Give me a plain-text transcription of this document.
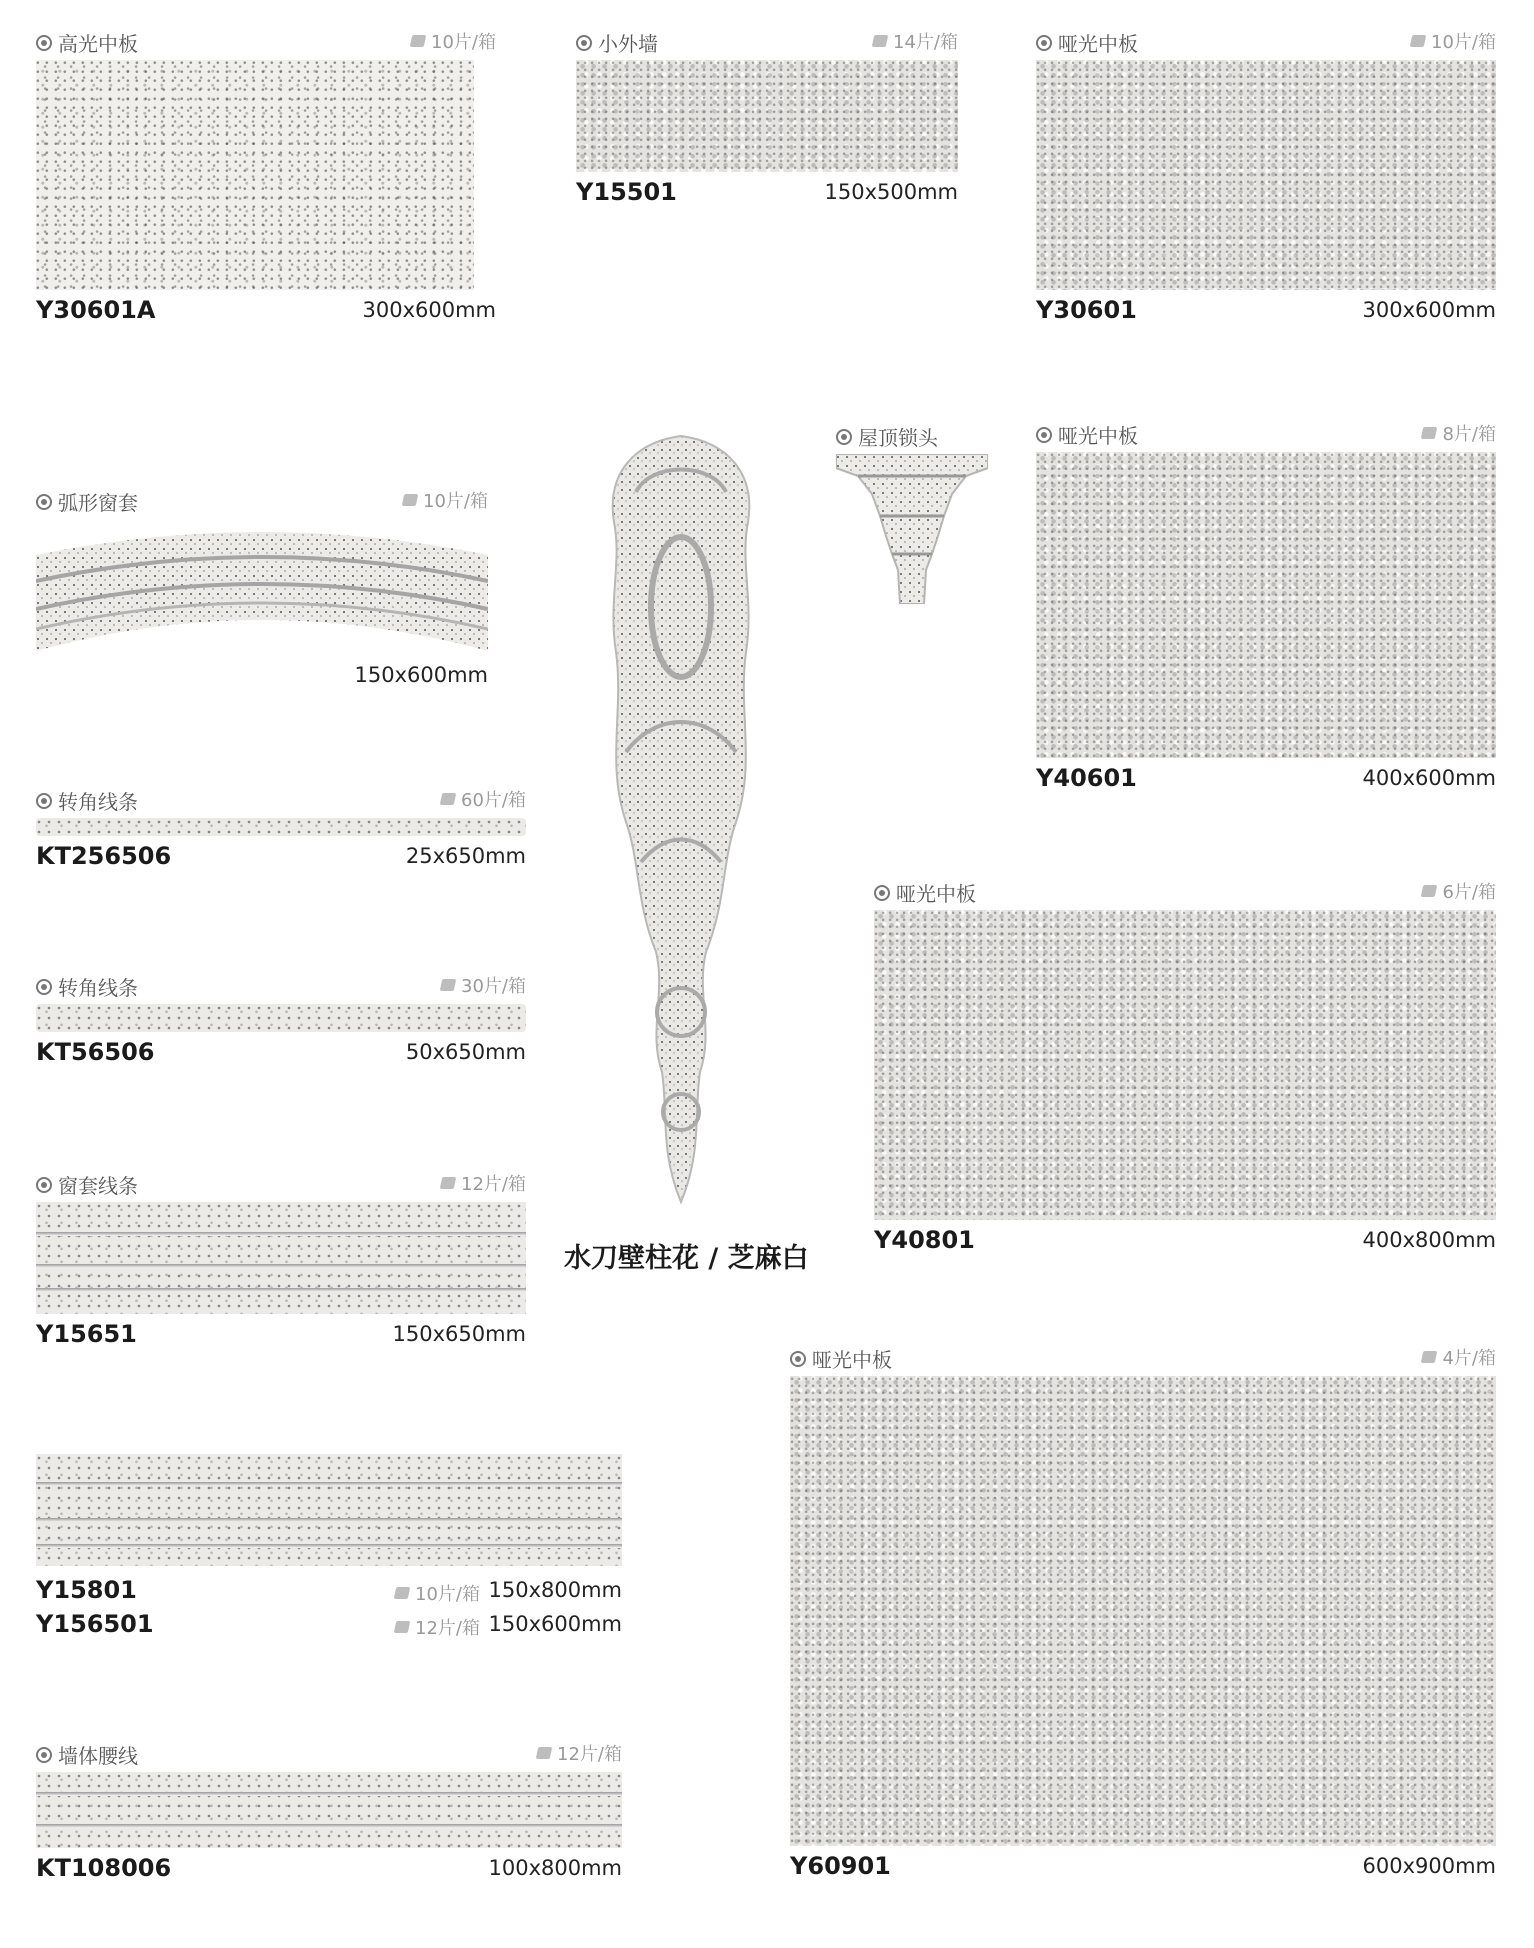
高光中板	10片/箱
Y30601A	300x600mm
小外墙	14片/箱
Y15501	150x500mm
哑光中板	10片/箱
Y30601	300x600mm
弧形窗套	10片/箱
150x600mm
水刀壁柱花 / 芝麻白
屋顶锁头	哑光中板	8片/箱
Y40601	400x600mm
转角线条	60片/箱
KT256506	25x650mm
哑光中板	6片/箱
Y40801	400x800mm
转角线条	30片/箱
KT56506	50x650mm
窗套线条	12片/箱
Y15651	150x650mm
哑光中板	4片/箱
Y60901	600x900mm
Y15801	10片/箱 150x800mm
Y156501	12片/箱 150x600mm
墙体腰线	12片/箱
KT108006	100x800mm
